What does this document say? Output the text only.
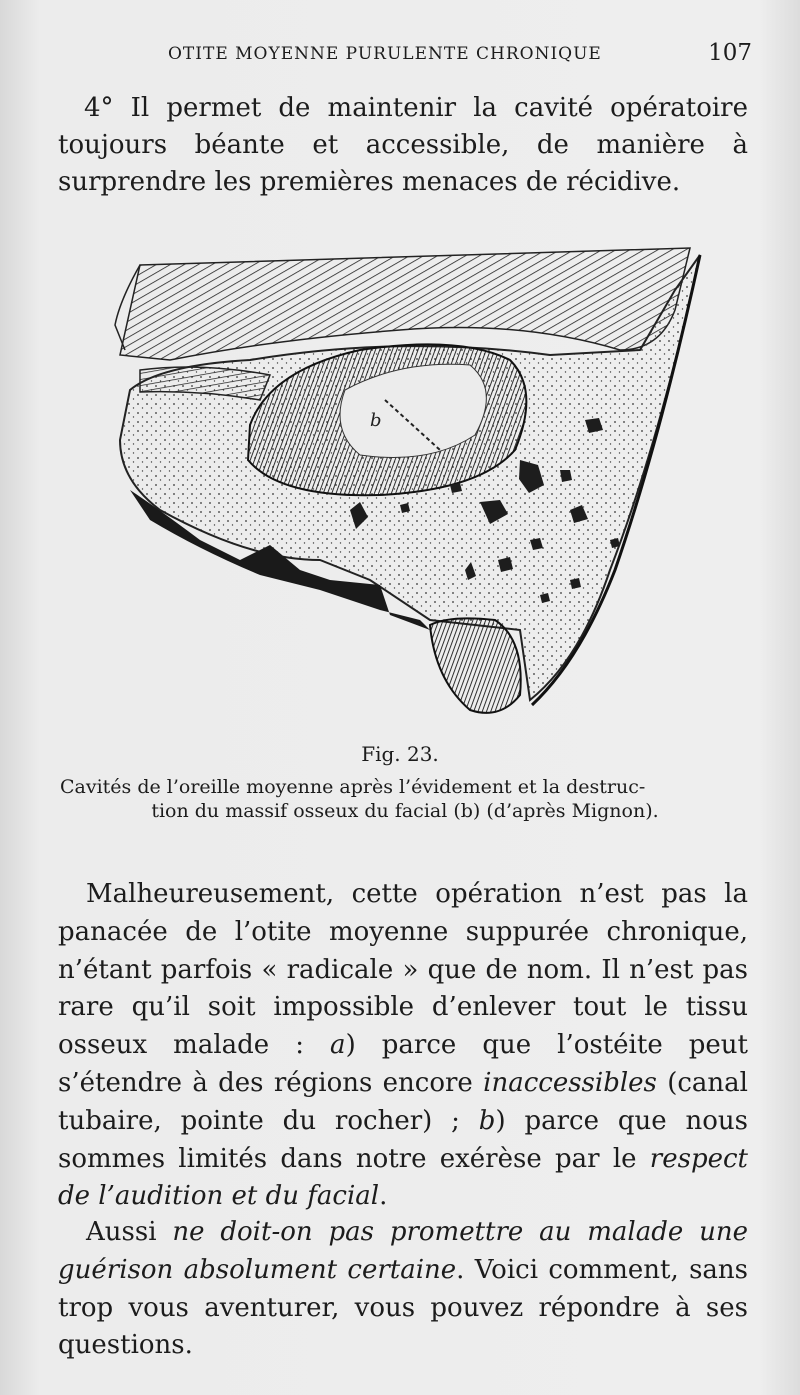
OTITE MOYENNE PURULENTE CHRONIQUE	107

4° Il permet de maintenir la cavité opératoire toujours béante et accessible, de manière à surprendre les premières menaces de récidive.

b
Fig. 23.

Cavités de l’oreille moyenne après l’évidement et la destruc-
tion du massif osseux du facial (b) (d’après Mignon).

Malheureusement, cette opération n’est pas la panacée de l’otite moyenne suppurée chronique, n’étant parfois « radicale » que de nom. Il n’est pas rare qu’il soit impossible d’enlever tout le tissu osseux malade : a) parce que l’ostéite peut s’étendre à des régions encore inaccessibles (canal tubaire, pointe du rocher) ; b) parce que nous sommes limités dans notre exérèse par le respect de l’audition et du facial.

Aussi ne doit-on pas promettre au malade une guérison absolument certaine. Voici comment, sans trop vous aventurer, vous pouvez répondre à ses questions.
